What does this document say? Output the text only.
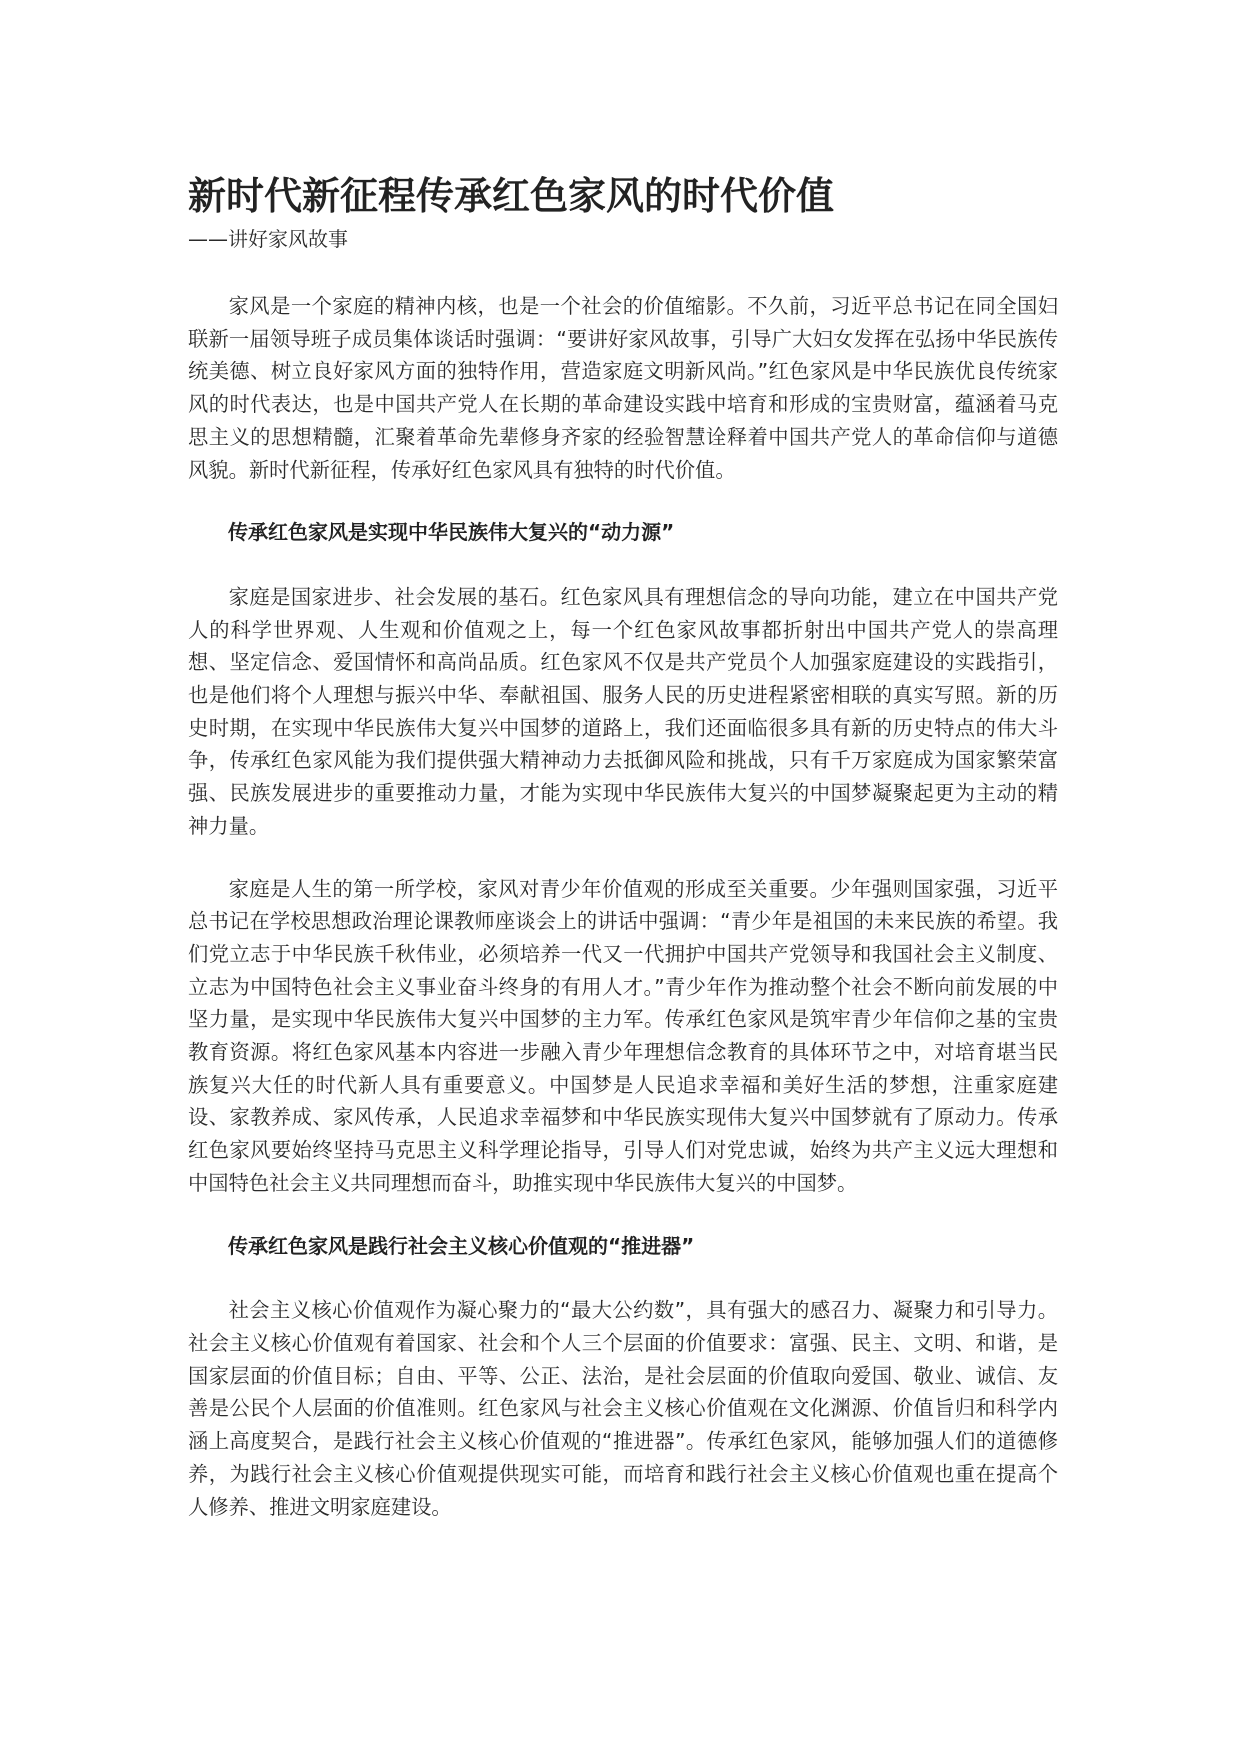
新时代新征程传承红色家风的时代价值

——讲好家风故事

家风是一个家庭的精神内核，也是一个社会的价值缩影。不久前，习近平总书记在同全国妇联新一届领导班子成员集体谈话时强调：“要讲好家风故事，引导广大妇女发挥在弘扬中华民族传统美德、树立良好家风方面的独特作用，营造家庭文明新风尚。”红色家风是中华民族优良传统家风的时代表达，也是中国共产党人在长期的革命建设实践中培育和形成的宝贵财富，蕴涵着马克思主义的思想精髓，汇聚着革命先辈修身齐家的经验智慧诠释着中国共产党人的革命信仰与道德风貌。新时代新征程，传承好红色家风具有独特的时代价值。

传承红色家风是实现中华民族伟大复兴的“动力源”

家庭是国家进步、社会发展的基石。红色家风具有理想信念的导向功能，建立在中国共产党人的科学世界观、人生观和价值观之上，每一个红色家风故事都折射出中国共产党人的崇高理想、坚定信念、爱国情怀和高尚品质。红色家风不仅是共产党员个人加强家庭建设的实践指引，也是他们将个人理想与振兴中华、奉献祖国、服务人民的历史进程紧密相联的真实写照。新的历史时期，在实现中华民族伟大复兴中国梦的道路上，我们还面临很多具有新的历史特点的伟大斗争，传承红色家风能为我们提供强大精神动力去抵御风险和挑战，只有千万家庭成为国家繁荣富强、民族发展进步的重要推动力量，才能为实现中华民族伟大复兴的中国梦凝聚起更为主动的精神力量。

家庭是人生的第一所学校，家风对青少年价值观的形成至关重要。少年强则国家强，习近平总书记在学校思想政治理论课教师座谈会上的讲话中强调：“青少年是祖国的未来民族的希望。我们党立志于中华民族千秋伟业，必须培养一代又一代拥护中国共产党领导和我国社会主义制度、立志为中国特色社会主义事业奋斗终身的有用人才。”青少年作为推动整个社会不断向前发展的中坚力量，是实现中华民族伟大复兴中国梦的主力军。传承红色家风是筑牢青少年信仰之基的宝贵教育资源。将红色家风基本内容进一步融入青少年理想信念教育的具体环节之中，对培育堪当民族复兴大任的时代新人具有重要意义。中国梦是人民追求幸福和美好生活的梦想，注重家庭建设、家教养成、家风传承，人民追求幸福梦和中华民族实现伟大复兴中国梦就有了原动力。传承红色家风要始终坚持马克思主义科学理论指导，引导人们对党忠诚，始终为共产主义远大理想和中国特色社会主义共同理想而奋斗，助推实现中华民族伟大复兴的中国梦。

传承红色家风是践行社会主义核心价值观的“推进器”

社会主义核心价值观作为凝心聚力的“最大公约数”，具有强大的感召力、凝聚力和引导力。社会主义核心价值观有着国家、社会和个人三个层面的价值要求：富强、民主、文明、和谐，是国家层面的价值目标；自由、平等、公正、法治，是社会层面的价值取向爱国、敬业、诚信、友善是公民个人层面的价值准则。红色家风与社会主义核心价值观在文化渊源、价值旨归和科学内涵上高度契合，是践行社会主义核心价值观的“推进器”。传承红色家风，能够加强人们的道德修养，为践行社会主义核心价值观提供现实可能，而培育和践行社会主义核心价值观也重在提高个人修养、推进文明家庭建设。
